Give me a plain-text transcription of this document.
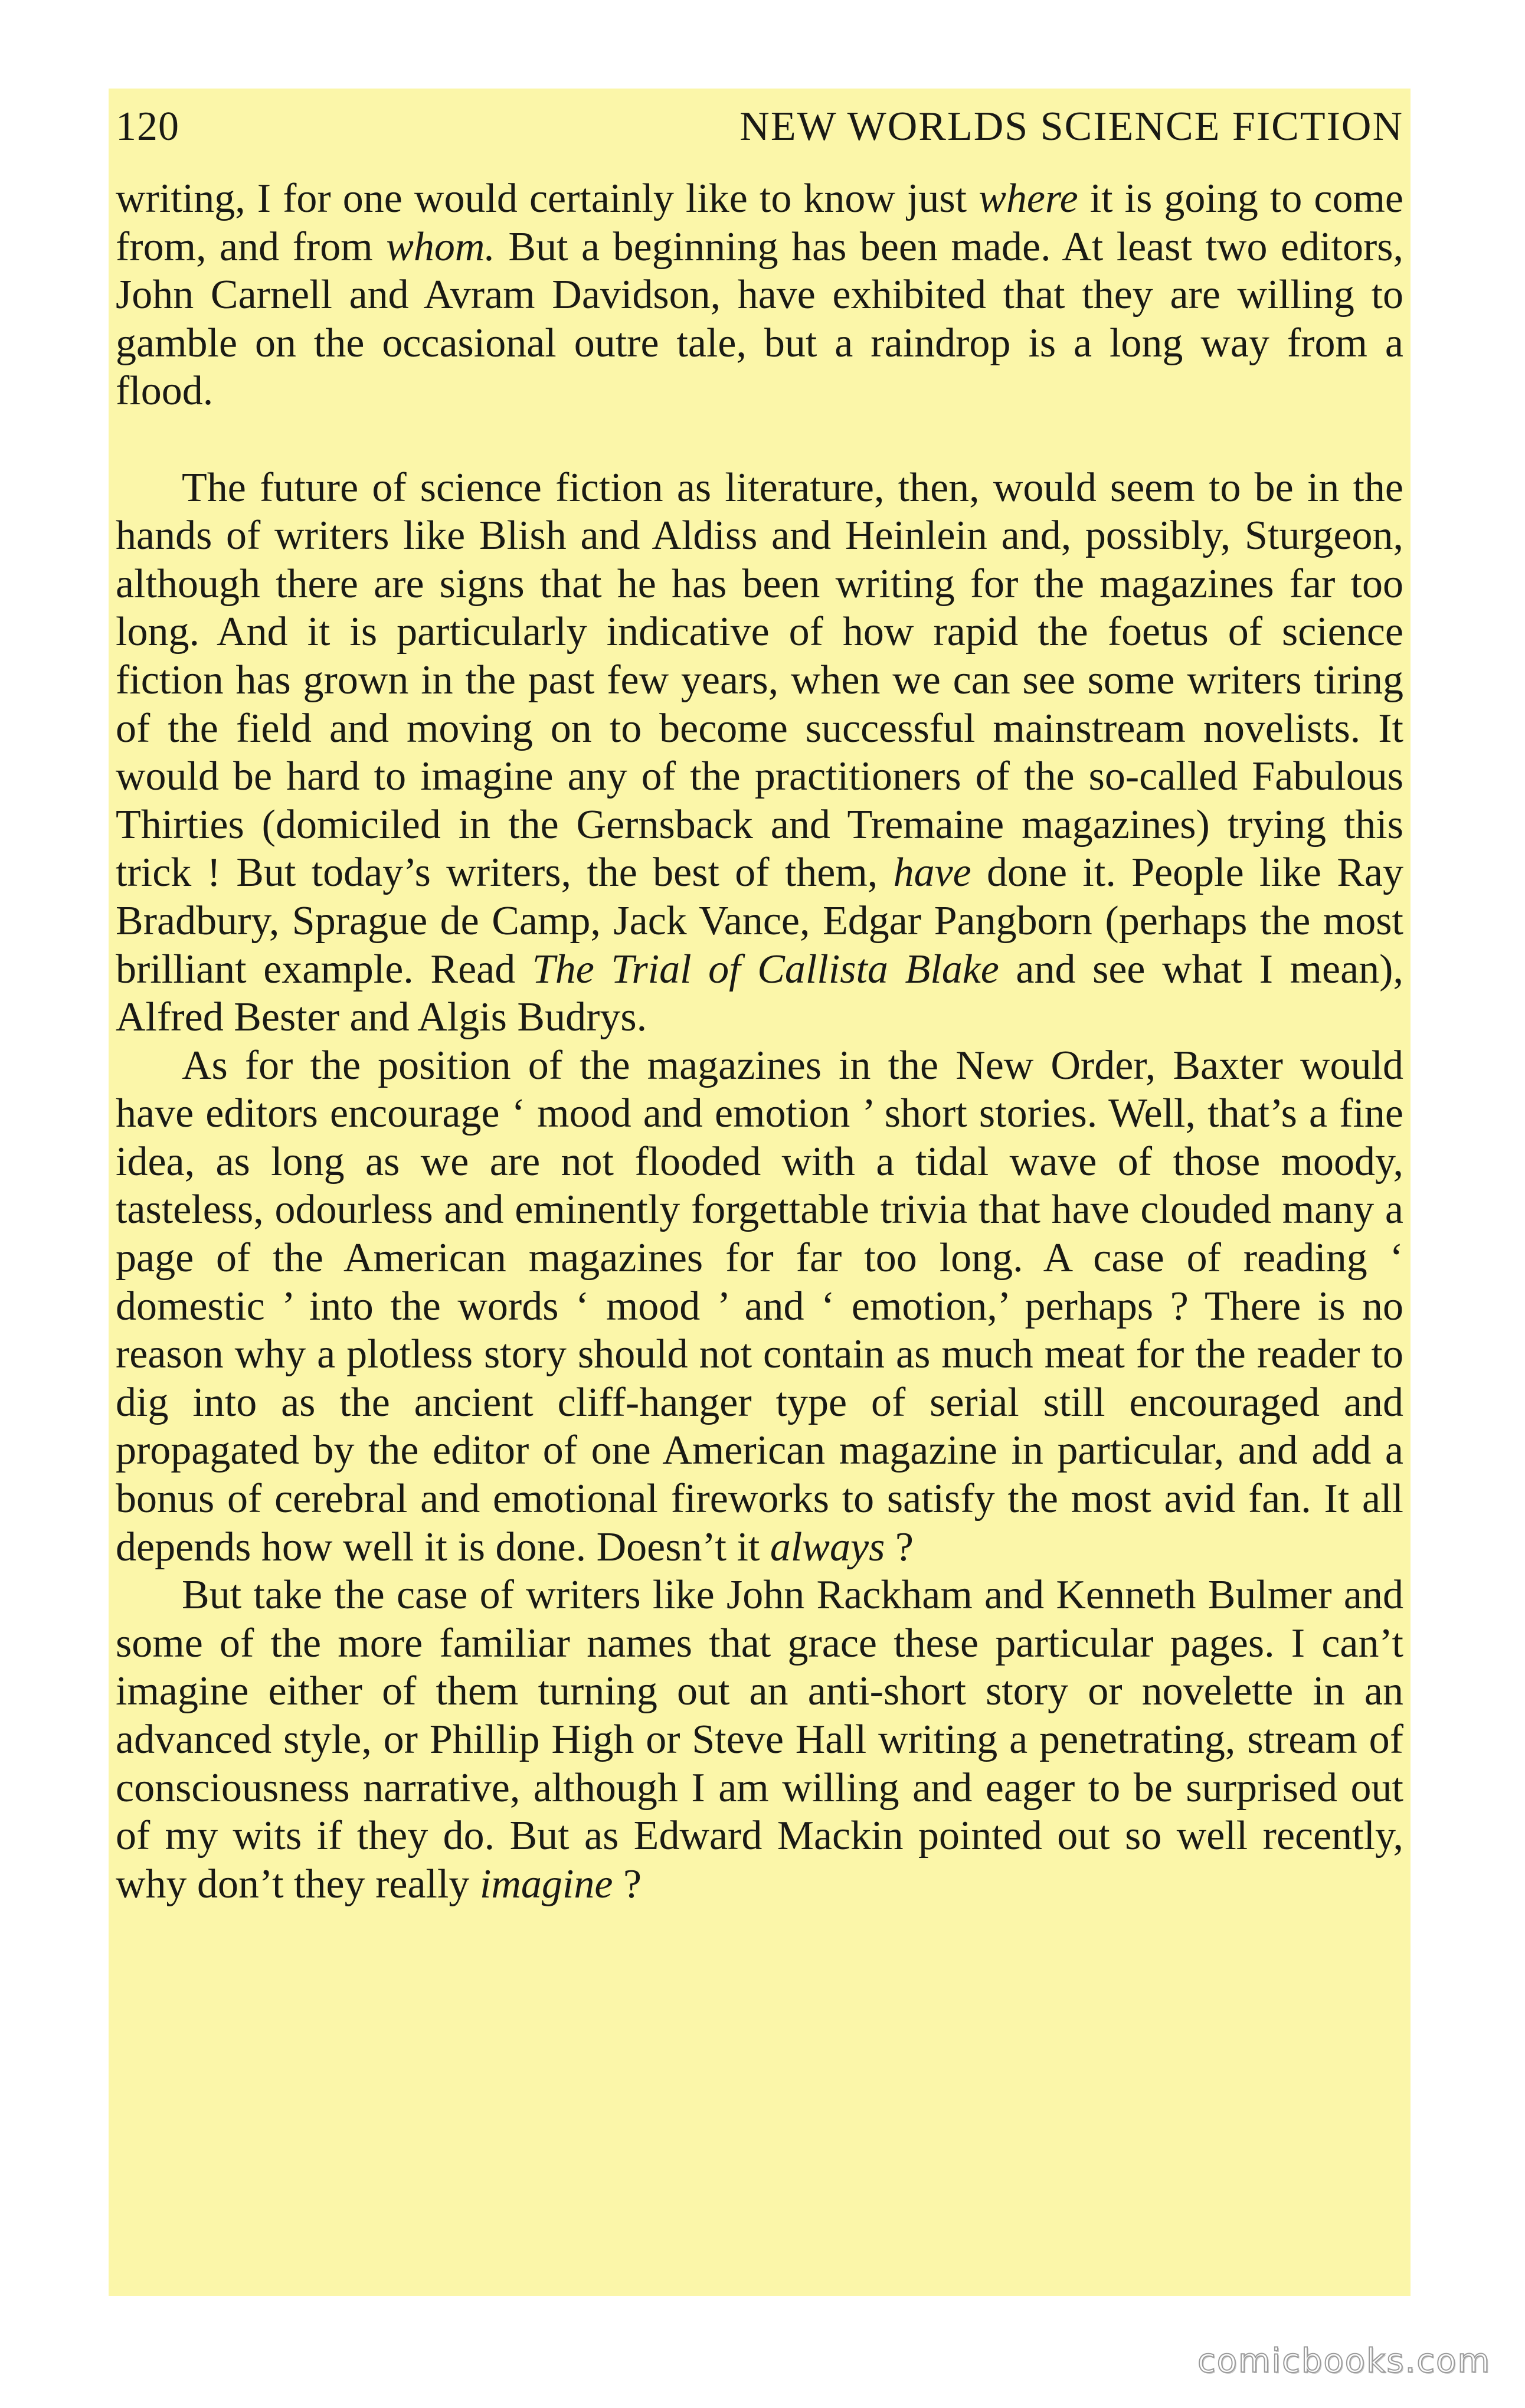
120	NEW WORLDS SCIENCE FICTION

writing, I for one would certainly like to know just where it is going to come from, and from whom. But a beginning has been made. At least two editors, John Carnell and Avram Davidson, have exhibited that they are willing to gamble on the occasional outre tale, but a raindrop is a long way from a flood.

The future of science fiction as literature, then, would seem to be in the hands of writers like Blish and Aldiss and Heinlein and, possibly, Sturgeon, although there are signs that he has been writing for the magazines far too long. And it is particularly indicative of how rapid the foetus of science fiction has grown in the past few years, when we can see some writers tiring of the field and moving on to become successful mainstream novelists. It would be hard to imagine any of the practitioners of the so-called Fabulous Thirties (domiciled in the Gernsback and Tremaine magazines) trying this trick ! But today’s writers, the best of them, have done it. People like Ray Bradbury, Sprague de Camp, Jack Vance, Edgar Pangborn (perhaps the most brilliant example. Read The Trial of Callista Blake and see what I mean), Alfred Bester and Algis Budrys.

As for the position of the magazines in the New Order, Baxter would have editors encourage ‘ mood and emotion ’ short stories. Well, that’s a fine idea, as long as we are not flooded with a tidal wave of those moody, tasteless, odourless and eminently forgettable trivia that have clouded many a page of the American magazines for far too long. A case of reading ‘ domestic ’ into the words ‘ mood ’ and ‘ emotion,’ perhaps ? There is no reason why a plotless story should not contain as much meat for the reader to dig into as the ancient cliff-hanger type of serial still encouraged and propagated by the editor of one American magazine in particular, and add a bonus of cerebral and emotional fireworks to satisfy the most avid fan. It all depends how well it is done. Doesn’t it always ?

But take the case of writers like John Rackham and Kenneth Bulmer and some of the more familiar names that grace these particular pages. I can’t imagine either of them turning out an anti-short story or novelette in an advanced style, or Phillip High or Steve Hall writing a penetrating, stream of consciousness narrative, although I am willing and eager to be surprised out of my wits if they do. But as Edward Mackin pointed out so well recently, why don’t they really imagine ?

comicbooks.com
